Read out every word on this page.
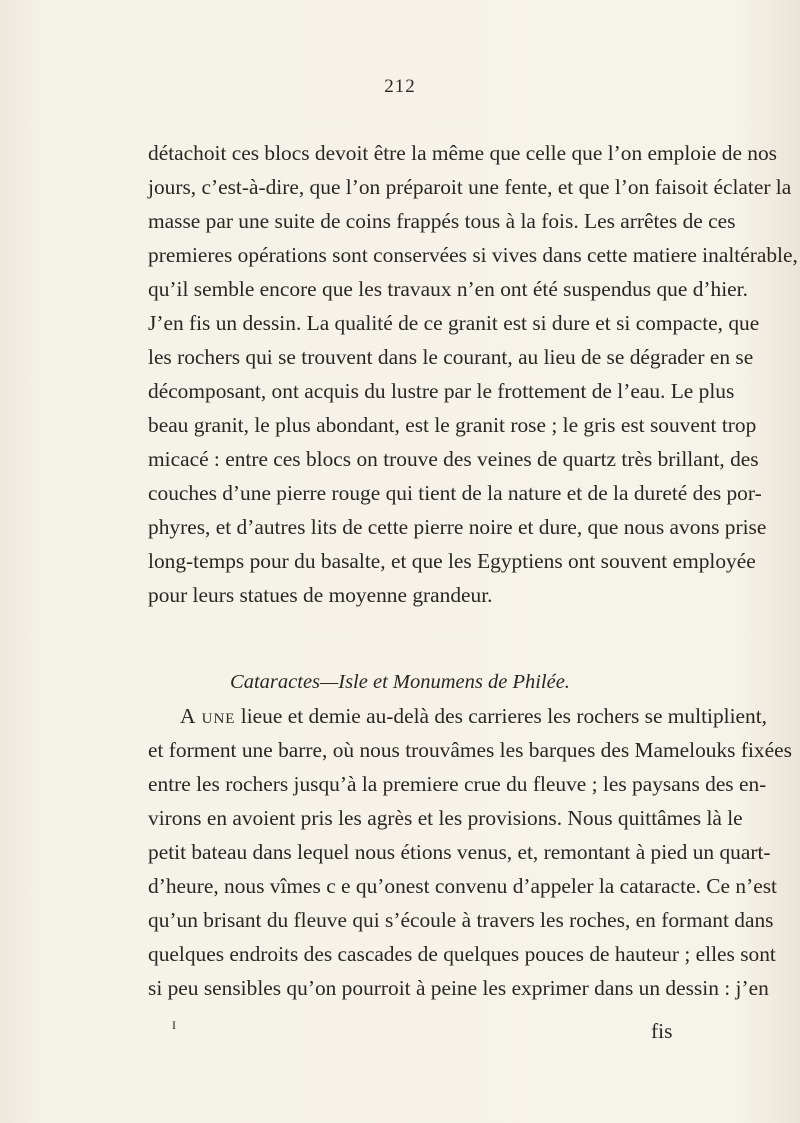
212
détachoit ces blocs devoit être la même que celle que l’on emploie de nos
jours, c’est-à-dire, que l’on préparoit une fente, et que l’on faisoit éclater la
masse par une suite de coins frappés tous à la fois. Les arrêtes de ces
premieres opérations sont conservées si vives dans cette matiere inaltérable,
qu’il semble encore que les travaux n’en ont été suspendus que d’hier.
J’en fis un dessin. La qualité de ce granit est si dure et si compacte, que
les rochers qui se trouvent dans le courant, au lieu de se dégrader en se
décomposant, ont acquis du lustre par le frottement de l’eau. Le plus
beau granit, le plus abondant, est le granit rose ; le gris est souvent trop
micacé : entre ces blocs on trouve des veines de quartz très brillant, des
couches d’une pierre rouge qui tient de la nature et de la dureté des por-
phyres, et d’autres lits de cette pierre noire et dure, que nous avons prise
long-temps pour du basalte, et que les Egyptiens ont souvent employée
pour leurs statues de moyenne grandeur.
Cataractes—Isle et Monumens de Philée.
A une lieue et demie au-delà des carrieres les rochers se multiplient,
et forment une barre, où nous trouvâmes les barques des Mamelouks fixées
entre les rochers jusqu’à la premiere crue du fleuve ; les paysans des en-
virons en avoient pris les agrès et les provisions. Nous quittâmes là le
petit bateau dans lequel nous étions venus, et, remontant à pied un quart-
d’heure, nous vîmes c e qu’onest convenu d’appeler la cataracte. Ce n’est
qu’un brisant du fleuve qui s’écoule à travers les roches, en formant dans
quelques endroits des cascades de quelques pouces de hauteur ; elles sont
si peu sensibles qu’on pourroit à peine les exprimer dans un dessin : j’en
I	fis
